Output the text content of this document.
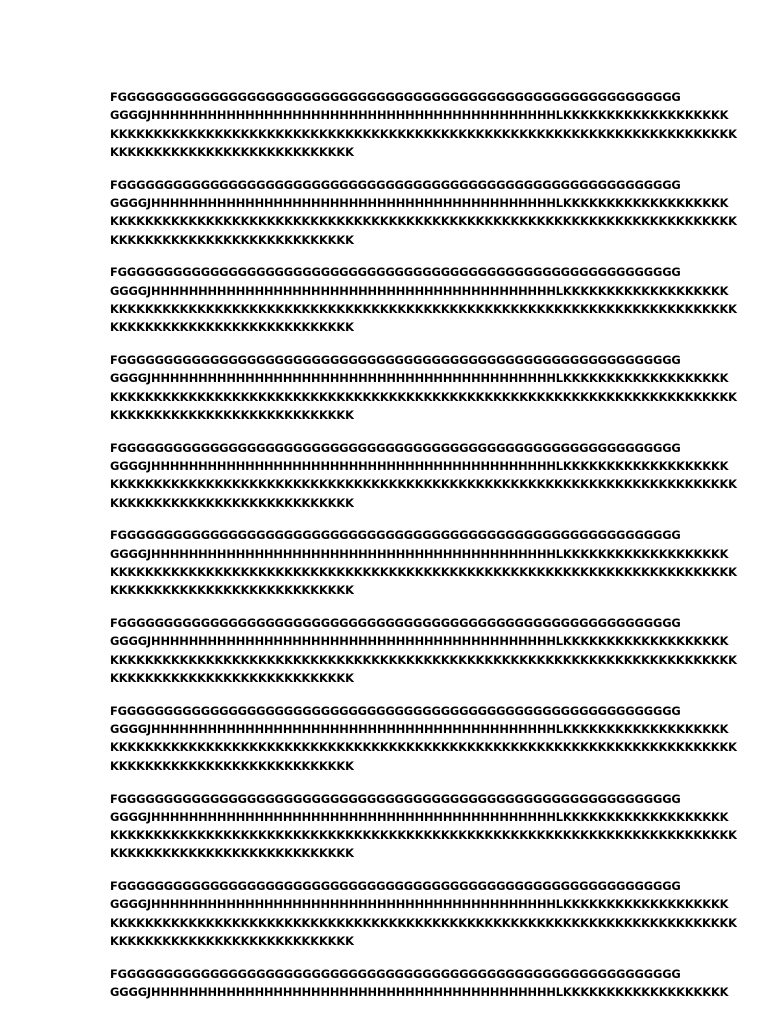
FGGGGGGGGGGGGGGGGGGGGGGGGGGGGGGGGGGGGGGGGGGGGGGGGGGGGGGGGGGGGG
GGGGJHHHHHHHHHHHHHHHHHHHHHHHHHHHHHHHHHHHHHHHHHHHLKKKKKKKKKKKKKKKKKKK
KKKKKKKKKKKKKKKKKKKKKKKKKKKKKKKKKKKKKKKKKKKKKKKKKKKKKKKKKKKKKKKKKKKKKKKK
KKKKKKKKKKKKKKKKKKKKKKKKKKKK
FGGGGGGGGGGGGGGGGGGGGGGGGGGGGGGGGGGGGGGGGGGGGGGGGGGGGGGGGGGGGG
GGGGJHHHHHHHHHHHHHHHHHHHHHHHHHHHHHHHHHHHHHHHHHHHLKKKKKKKKKKKKKKKKKKK
KKKKKKKKKKKKKKKKKKKKKKKKKKKKKKKKKKKKKKKKKKKKKKKKKKKKKKKKKKKKKKKKKKKKKKKK
KKKKKKKKKKKKKKKKKKKKKKKKKKKK
FGGGGGGGGGGGGGGGGGGGGGGGGGGGGGGGGGGGGGGGGGGGGGGGGGGGGGGGGGGGGG
GGGGJHHHHHHHHHHHHHHHHHHHHHHHHHHHHHHHHHHHHHHHHHHHLKKKKKKKKKKKKKKKKKKK
KKKKKKKKKKKKKKKKKKKKKKKKKKKKKKKKKKKKKKKKKKKKKKKKKKKKKKKKKKKKKKKKKKKKKKKK
KKKKKKKKKKKKKKKKKKKKKKKKKKKK
FGGGGGGGGGGGGGGGGGGGGGGGGGGGGGGGGGGGGGGGGGGGGGGGGGGGGGGGGGGGGG
GGGGJHHHHHHHHHHHHHHHHHHHHHHHHHHHHHHHHHHHHHHHHHHHLKKKKKKKKKKKKKKKKKKK
KKKKKKKKKKKKKKKKKKKKKKKKKKKKKKKKKKKKKKKKKKKKKKKKKKKKKKKKKKKKKKKKKKKKKKKK
KKKKKKKKKKKKKKKKKKKKKKKKKKKK
FGGGGGGGGGGGGGGGGGGGGGGGGGGGGGGGGGGGGGGGGGGGGGGGGGGGGGGGGGGGGG
GGGGJHHHHHHHHHHHHHHHHHHHHHHHHHHHHHHHHHHHHHHHHHHHLKKKKKKKKKKKKKKKKKKK
KKKKKKKKKKKKKKKKKKKKKKKKKKKKKKKKKKKKKKKKKKKKKKKKKKKKKKKKKKKKKKKKKKKKKKKK
KKKKKKKKKKKKKKKKKKKKKKKKKKKK
FGGGGGGGGGGGGGGGGGGGGGGGGGGGGGGGGGGGGGGGGGGGGGGGGGGGGGGGGGGGGG
GGGGJHHHHHHHHHHHHHHHHHHHHHHHHHHHHHHHHHHHHHHHHHHHLKKKKKKKKKKKKKKKKKKK
KKKKKKKKKKKKKKKKKKKKKKKKKKKKKKKKKKKKKKKKKKKKKKKKKKKKKKKKKKKKKKKKKKKKKKKK
KKKKKKKKKKKKKKKKKKKKKKKKKKKK
FGGGGGGGGGGGGGGGGGGGGGGGGGGGGGGGGGGGGGGGGGGGGGGGGGGGGGGGGGGGGG
GGGGJHHHHHHHHHHHHHHHHHHHHHHHHHHHHHHHHHHHHHHHHHHHLKKKKKKKKKKKKKKKKKKK
KKKKKKKKKKKKKKKKKKKKKKKKKKKKKKKKKKKKKKKKKKKKKKKKKKKKKKKKKKKKKKKKKKKKKKKK
KKKKKKKKKKKKKKKKKKKKKKKKKKKK
FGGGGGGGGGGGGGGGGGGGGGGGGGGGGGGGGGGGGGGGGGGGGGGGGGGGGGGGGGGGGG
GGGGJHHHHHHHHHHHHHHHHHHHHHHHHHHHHHHHHHHHHHHHHHHHLKKKKKKKKKKKKKKKKKKK
KKKKKKKKKKKKKKKKKKKKKKKKKKKKKKKKKKKKKKKKKKKKKKKKKKKKKKKKKKKKKKKKKKKKKKKK
KKKKKKKKKKKKKKKKKKKKKKKKKKKK
FGGGGGGGGGGGGGGGGGGGGGGGGGGGGGGGGGGGGGGGGGGGGGGGGGGGGGGGGGGGGG
GGGGJHHHHHHHHHHHHHHHHHHHHHHHHHHHHHHHHHHHHHHHHHHHLKKKKKKKKKKKKKKKKKKK
KKKKKKKKKKKKKKKKKKKKKKKKKKKKKKKKKKKKKKKKKKKKKKKKKKKKKKKKKKKKKKKKKKKKKKKK
KKKKKKKKKKKKKKKKKKKKKKKKKKKK
FGGGGGGGGGGGGGGGGGGGGGGGGGGGGGGGGGGGGGGGGGGGGGGGGGGGGGGGGGGGGG
GGGGJHHHHHHHHHHHHHHHHHHHHHHHHHHHHHHHHHHHHHHHHHHHLKKKKKKKKKKKKKKKKKKK
KKKKKKKKKKKKKKKKKKKKKKKKKKKKKKKKKKKKKKKKKKKKKKKKKKKKKKKKKKKKKKKKKKKKKKKK
KKKKKKKKKKKKKKKKKKKKKKKKKKKK
FGGGGGGGGGGGGGGGGGGGGGGGGGGGGGGGGGGGGGGGGGGGGGGGGGGGGGGGGGGGGG
GGGGJHHHHHHHHHHHHHHHHHHHHHHHHHHHHHHHHHHHHHHHHHHHLKKKKKKKKKKKKKKKKKKK
